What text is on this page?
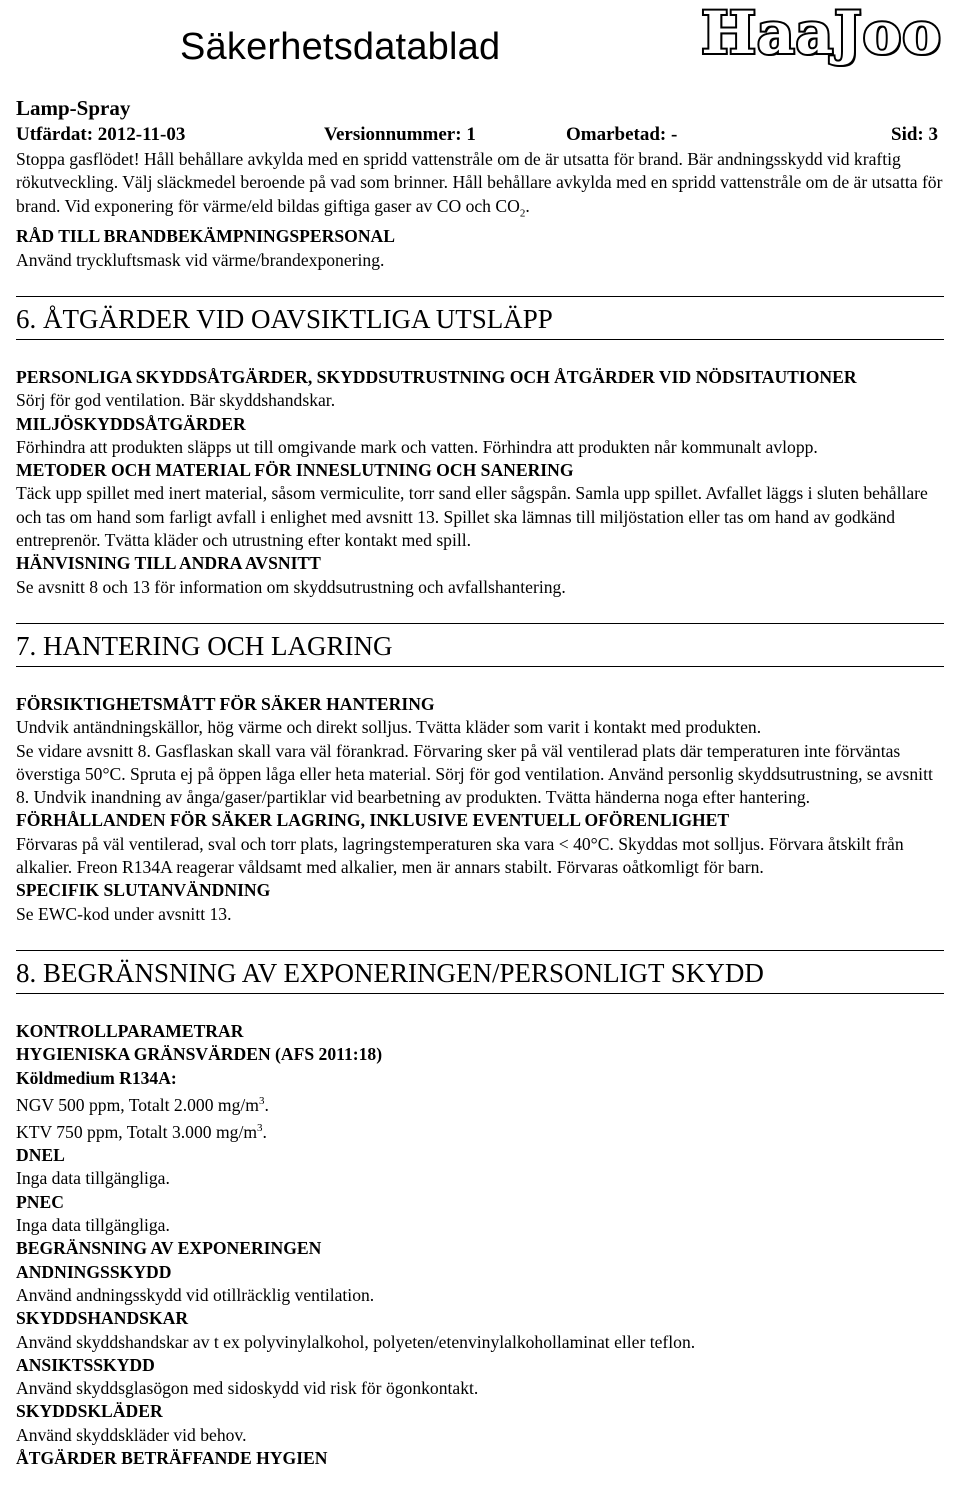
Säkerhetsdatablad	HaaJoo
Lamp-Spray
Utfärdat: 2012-11-03	Versionnummer: 1	Omarbetad: -	Sid: 3

Stoppa gasflödet! Håll behållare avkylda med en spridd vattenstråle om de är utsatta för brand. Bär andningsskydd vid kraftig rökutveckling. Välj släckmedel beroende på vad som brinner. Håll behållare avkylda med en spridd vattenstråle om de är utsatta för brand. Vid exponering för värme/eld bildas giftiga gaser av CO och $CO_2$.

RÅD TILL BRANDBEKÄMPNINGSPERSONAL

Använd tryckluftsmask vid värme/brandexponering.

6. ÅTGÄRDER VID OAVSIKTLIGA UTSLÄPP

PERSONLIGA SKYDDSÅTGÄRDER, SKYDDSUTRUSTNING OCH ÅTGÄRDER VID NÖDSITAUTIONER

Sörj för god ventilation. Bär skyddshandskar.

MILJÖSKYDDSÅTGÄRDER

Förhindra att produkten släpps ut till omgivande mark och vatten. Förhindra att produkten når kommunalt avlopp.

METODER OCH MATERIAL FÖR INNESLUTNING OCH SANERING

Täck upp spillet med inert material, såsom vermiculite, torr sand eller sågspån. Samla upp spillet. Avfallet läggs i sluten behållare och tas om hand som farligt avfall i enlighet med avsnitt 13. Spillet ska lämnas till miljöstation eller tas om hand av godkänd entreprenör. Tvätta kläder och utrustning efter kontakt med spill.

HÄNVISNING TILL ANDRA AVSNITT

Se avsnitt 8 och 13 för information om skyddsutrustning och avfallshantering.

7. HANTERING OCH LAGRING

FÖRSIKTIGHETSMÅTT FÖR SÄKER HANTERING

Undvik antändningskällor, hög värme och direkt solljus. Tvätta kläder som varit i kontakt med produkten.

Se vidare avsnitt 8. Gasflaskan skall vara väl förankrad. Förvaring sker på väl ventilerad plats där temperaturen inte förväntas överstiga 50°C. Spruta ej på öppen låga eller heta material. Sörj för god ventilation. Använd personlig skyddsutrustning, se avsnitt 8. Undvik inandning av ånga/gaser/partiklar vid bearbetning av produkten. Tvätta händerna noga efter hantering.

FÖRHÅLLANDEN FÖR SÄKER LAGRING, INKLUSIVE EVENTUELL OFÖRENLIGHET

Förvaras på väl ventilerad, sval och torr plats, lagringstemperaturen ska vara < 40°C. Skyddas mot solljus. Förvara åtskilt från alkalier. Freon R134A reagerar våldsamt med alkalier, men är annars stabilt. Förvaras oåtkomligt för barn.

SPECIFIK SLUTANVÄNDNING

Se EWC-kod under avsnitt 13.

8. BEGRÄNSNING AV EXPONERINGEN/PERSONLIGT SKYDD

KONTROLLPARAMETRAR

HYGIENISKA GRÄNSVÄRDEN (AFS 2011:18)

Köldmedium R134A:

NGV 500 ppm, Totalt 2.000 $mg/m^3$.

KTV 750 ppm, Totalt 3.000 $mg/m^3$.

DNEL

Inga data tillgängliga.

PNEC

Inga data tillgängliga.

BEGRÄNSNING AV EXPONERINGEN

ANDNINGSSKYDD

Använd andningsskydd vid otillräcklig ventilation.

SKYDDSHANDSKAR

Använd skyddshandskar av t ex polyvinylalkohol, polyeten/etenvinylalkohollaminat eller teflon.

ANSIKTSSKYDD

Använd skyddsglasögon med sidoskydd vid risk för ögonkontakt.

SKYDDSKLÄDER

Använd skyddskläder vid behov.

ÅTGÄRDER BETRÄFFANDE HYGIEN
